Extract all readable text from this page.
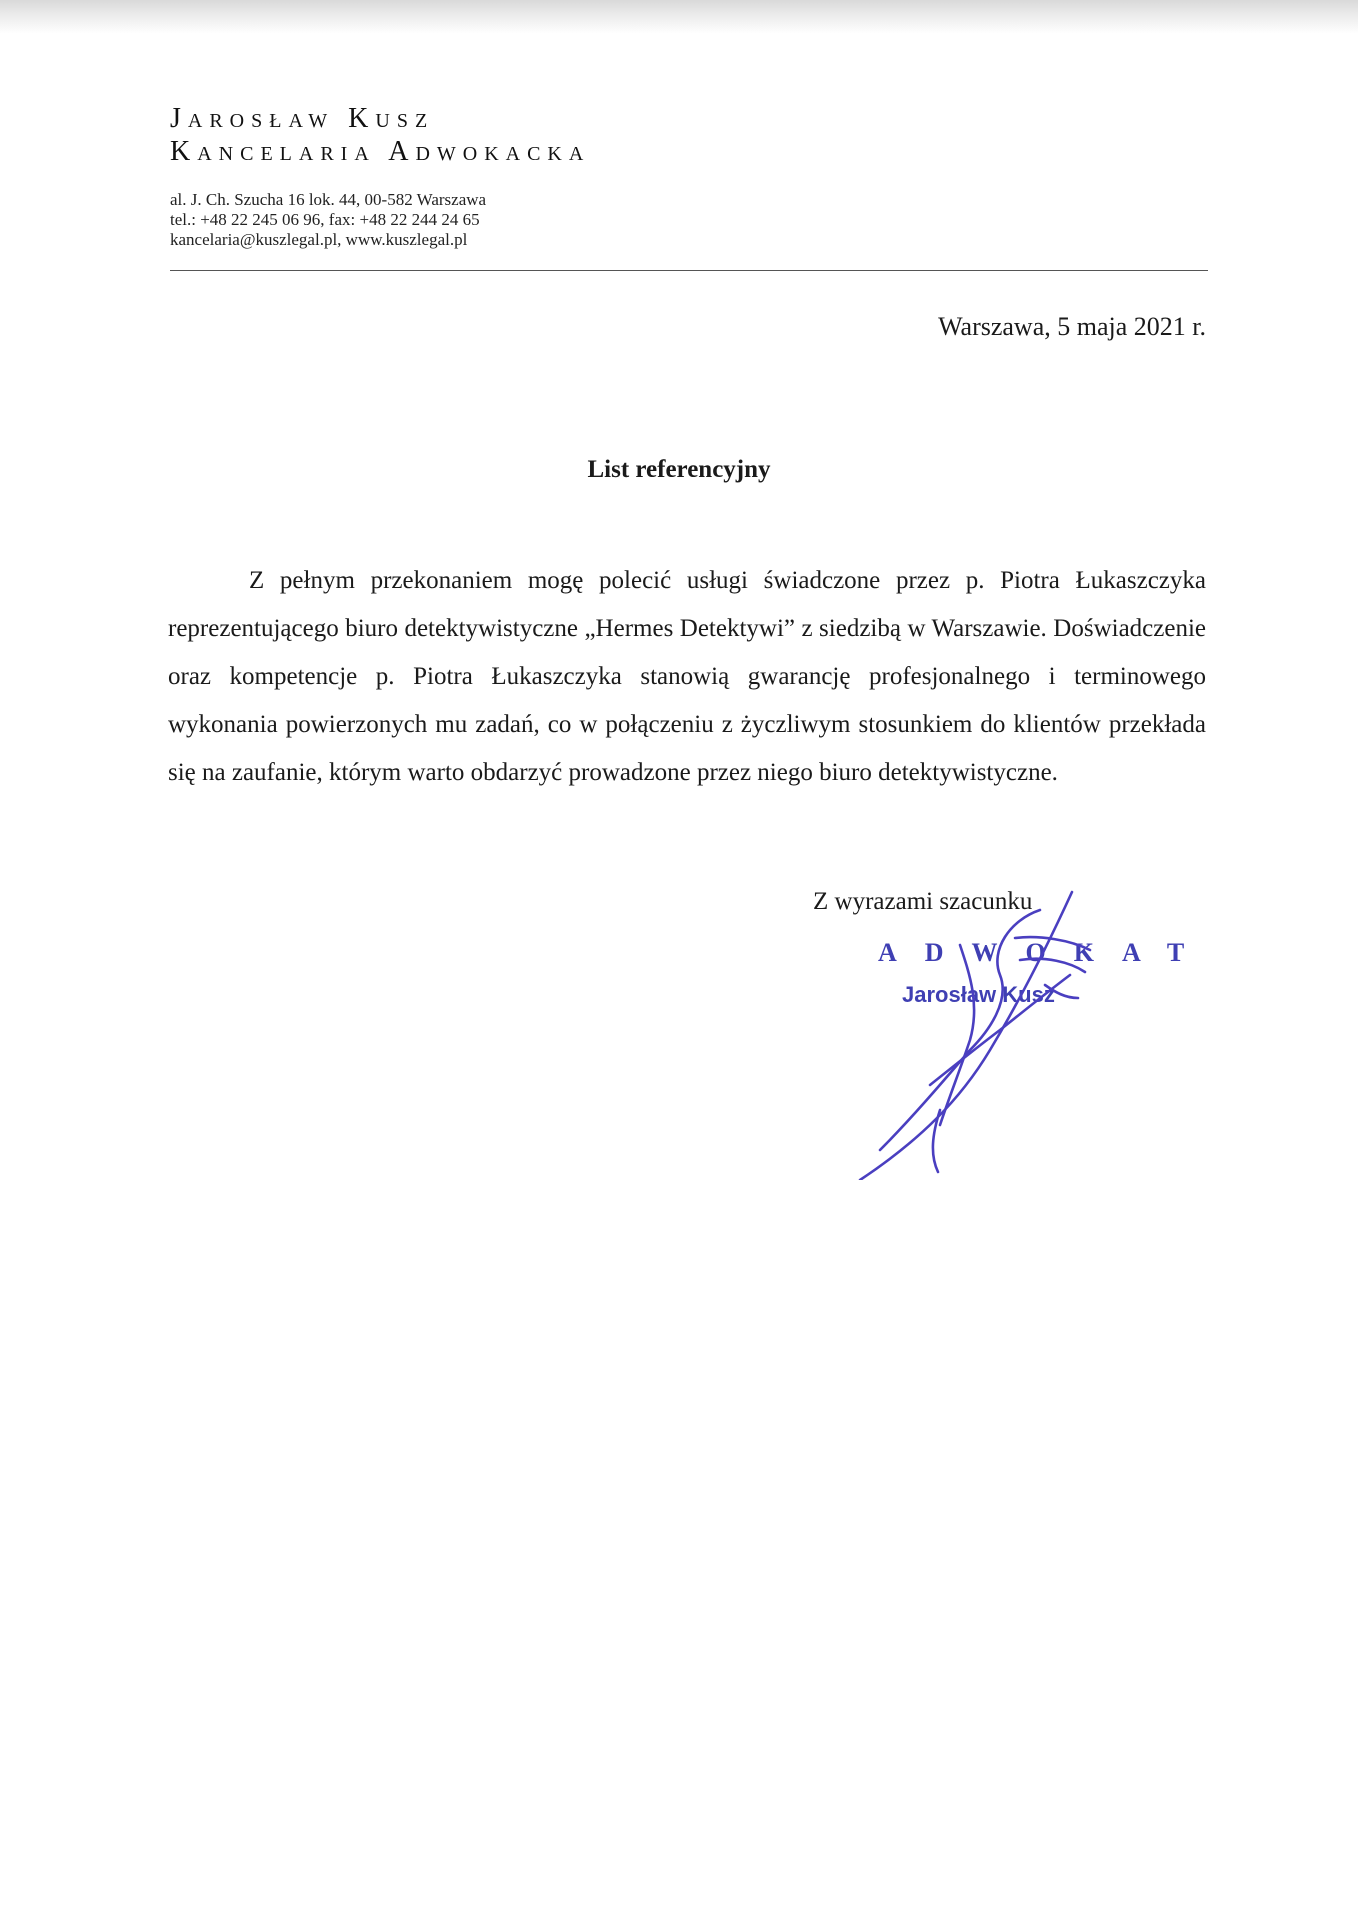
Jarosław Kusz
Kancelaria Adwokacka
al. J. Ch. Szucha 16 lok. 44, 00-582 Warszawa
tel.: +48 22 245 06 96, fax: +48 22 244 24 65
kancelaria@kuszlegal.pl, www.kuszlegal.pl
Warszawa, 5 maja 2021 r.
List referencyjny
Z pełnym przekonaniem mogę polecić usługi świadczone przez p. Piotra Łukaszczyka reprezentującego biuro detektywistyczne „Hermes Detektywi” z siedzibą w Warszawie. Doświadczenie oraz kompetencje p. Piotra Łukaszczyka stanowią gwarancję profesjonalnego i terminowego wykonania powierzonych mu zadań, co w połączeniu z życzliwym stosunkiem do klientów przekłada się na zaufanie, którym warto obdarzyć prowadzone przez niego biuro detektywistyczne.
Z wyrazami szacunku
ADWOKAT
Jarosław Kusz
